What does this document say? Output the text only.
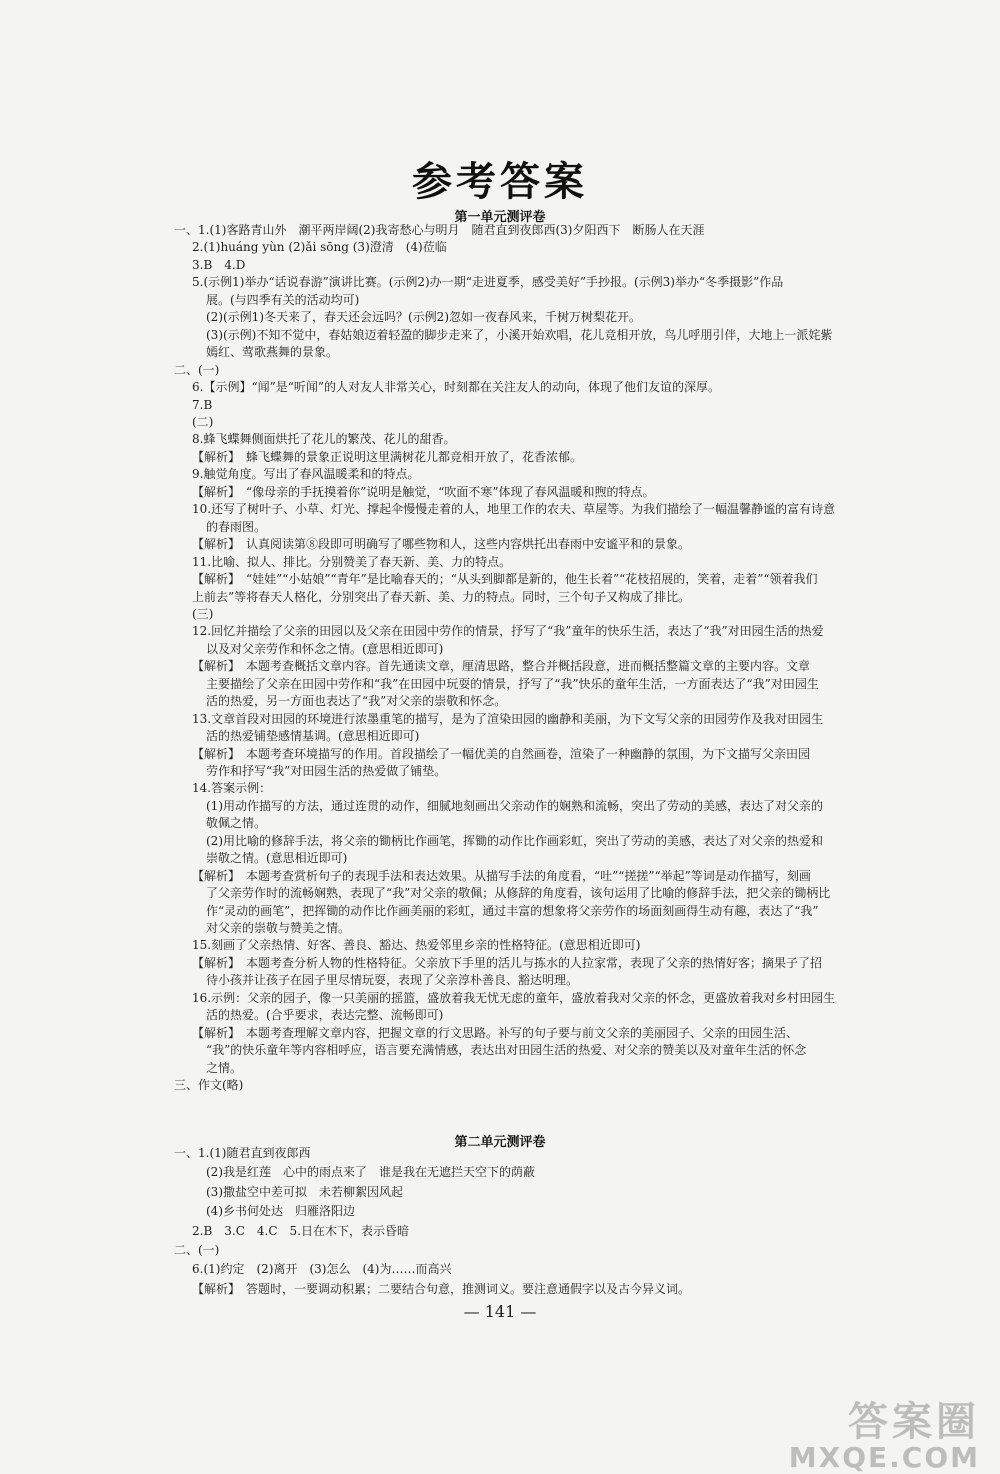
参考答案
第一单元测评卷
一、1.(1)客路青山外　潮平两岸阔(2)我寄愁心与明月　随君直到夜郎西(3)夕阳西下　断肠人在天涯
2.(1)huáng yùn (2)ǎi sōng (3)澄清　(4)莅临
3.B　4.D
5.(示例1)举办“话说春游”演讲比赛。(示例2)办一期“走进夏季，感受美好”手抄报。(示例3)举办“冬季摄影”作品
展。(与四季有关的活动均可)
(2)(示例1)冬天来了，春天还会远吗？(示例2)忽如一夜春风来，千树万树梨花开。
(3)(示例)不知不觉中，春姑娘迈着轻盈的脚步走来了，小溪开始欢唱，花儿竞相开放，鸟儿呼朋引伴，大地上一派姹紫
嫣红、莺歌燕舞的景象。
二、(一)
6.【示例】“闻”是“听闻”的人对友人非常关心，时刻都在关注友人的动向，体现了他们友谊的深厚。
7.B
(二)
8.蜂飞蝶舞侧面烘托了花儿的繁茂、花儿的甜香。
【解析】　蜂飞蝶舞的景象正说明这里满树花儿都竞相开放了，花香浓郁。
9.触觉角度。写出了春风温暖柔和的特点。
【解析】　“像母亲的手抚摸着你”说明是触觉，“吹面不寒”体现了春风温暖和煦的特点。
10.还写了树叶子、小草、灯光、撑起伞慢慢走着的人，地里工作的农夫、草屋等。为我们描绘了一幅温馨静谧的富有诗意
的春雨图。
【解析】　认真阅读第⑧段即可明确写了哪些物和人，这些内容烘托出春雨中安谧平和的景象。
11.比喻、拟人、排比。分别赞美了春天新、美、力的特点。
【解析】　“娃娃”“小姑娘”“青年”是比喻春天的；“从头到脚都是新的，他生长着”“花枝招展的，笑着，走着”“领着我们
上前去”等将春天人格化，分别突出了春天新、美、力的特点。同时，三个句子又构成了排比。
(三)
12.回忆并描绘了父亲的田园以及父亲在田园中劳作的情景，抒写了“我”童年的快乐生活，表达了“我”对田园生活的热爱
以及对父亲劳作和怀念之情。(意思相近即可)
【解析】　本题考查概括文章内容。首先通读文章，厘清思路，整合并概括段意，进而概括整篇文章的主要内容。文章
主要描绘了父亲在田园中劳作和“我”在田园中玩耍的情景，抒写了“我”快乐的童年生活，一方面表达了“我”对田园生
活的热爱，另一方面也表达了“我”对父亲的崇敬和怀念。
13.文章首段对田园的环境进行浓墨重笔的描写，是为了渲染田园的幽静和美丽，为下文写父亲的田园劳作及我对田园生
活的热爱铺垫感情基调。(意思相近即可)
【解析】　本题考查环境描写的作用。首段描绘了一幅优美的自然画卷，渲染了一种幽静的氛围，为下文描写父亲田园
劳作和抒写“我”对田园生活的热爱做了铺垫。
14.答案示例：
(1)用动作描写的方法，通过连贯的动作，细腻地刻画出父亲动作的娴熟和流畅，突出了劳动的美感，表达了对父亲的
敬佩之情。
(2)用比喻的修辞手法，将父亲的锄柄比作画笔，挥锄的动作比作画彩虹，突出了劳动的美感，表达了对父亲的热爱和
崇敬之情。(意思相近即可)
【解析】　本题考查赏析句子的表现手法和表达效果。从描写手法的角度看，“吐”“搓搓”“举起”等词是动作描写，刻画
了父亲劳作时的流畅娴熟，表现了“我”对父亲的敬佩；从修辞的角度看，该句运用了比喻的修辞手法，把父亲的锄柄比
作“灵动的画笔”，把挥锄的动作比作画美丽的彩虹，通过丰富的想象将父亲劳作的场面刻画得生动有趣，表达了“我”
对父亲的崇敬与赞美之情。
15.刻画了父亲热情、好客、善良、豁达、热爱邻里乡亲的性格特征。(意思相近即可)
【解析】　本题考查分析人物的性格特征。父亲放下手里的活儿与拣水的人拉家常，表现了父亲的热情好客；摘果子了招
待小孩并让孩子在园子里尽情玩耍，表现了父亲淳朴善良、豁达明理。
16.示例：父亲的园子，像一只美丽的摇篮，盛放着我无忧无虑的童年，盛放着我对父亲的怀念，更盛放着我对乡村田园生
活的热爱。(合乎要求，表达完整、流畅即可)
【解析】　本题考查理解文章内容，把握文章的行文思路。补写的句子要与前文父亲的美丽园子、父亲的田园生活、
“我”的快乐童年等内容相呼应，语言要充满情感，表达出对田园生活的热爱、对父亲的赞美以及对童年生活的怀念
之情。
三、作文(略)
第二单元测评卷
一、1.(1)随君直到夜郎西
(2)我是红莲　心中的雨点来了　谁是我在无遮拦天空下的荫蔽
(3)撒盐空中差可拟　未若柳絮因风起
(4)乡书何处达　归雁洛阳边
2.B　3.C　4.C　5.日在木下，表示昏暗
二、(一)
6.(1)约定　(2)离开　(3)怎么　(4)为……而高兴
【解析】　答题时，一要调动积累；二要结合句意，推测词义。要注意通假字以及古今异义词。
— 141 —
答案圈
MXQE.COM
